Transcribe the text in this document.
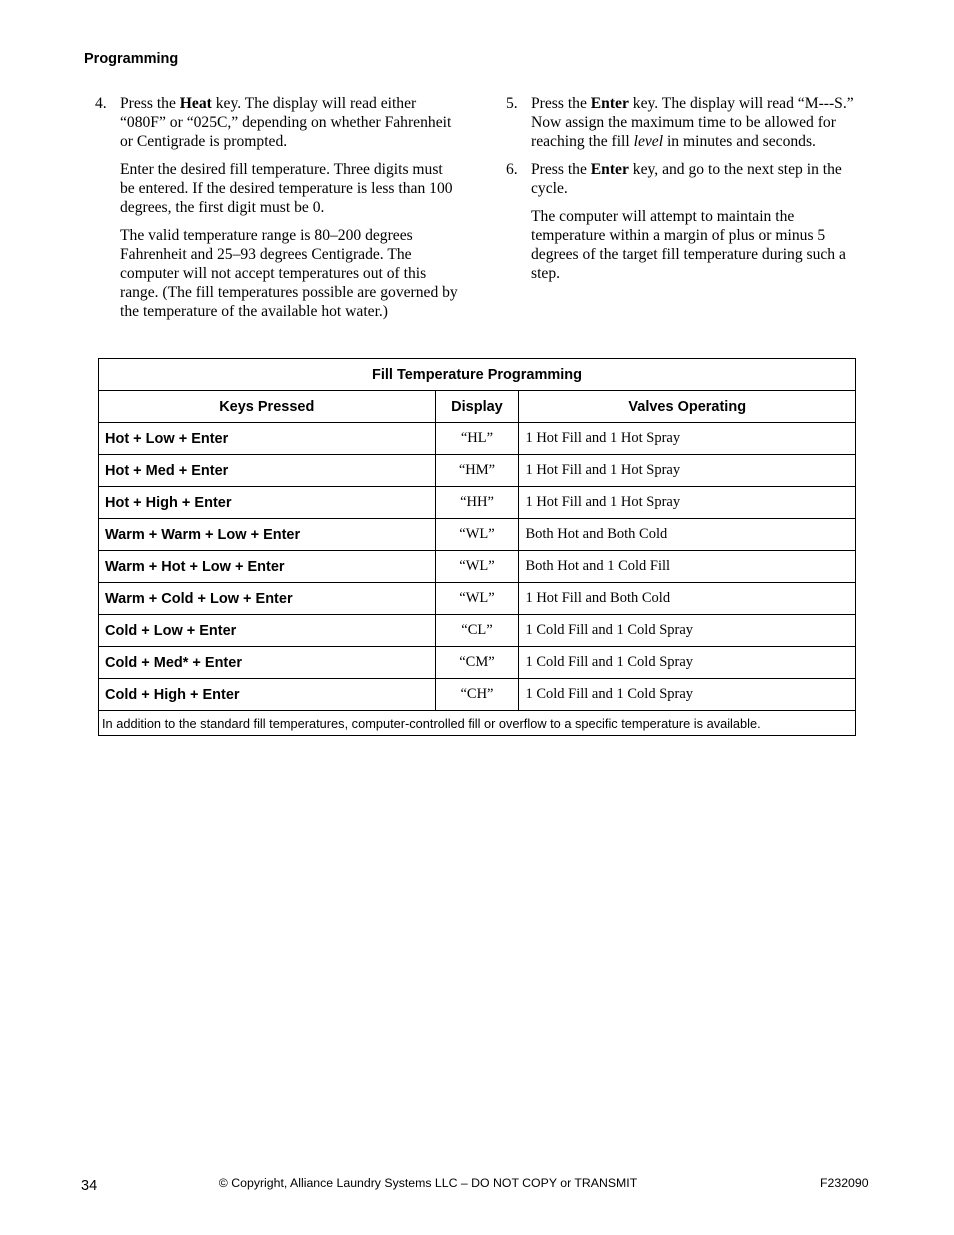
Programming
4. Press the Heat key. The display will read either “080F” or “025C,” depending on whether Fahrenheit or Centigrade is prompted.

Enter the desired fill temperature. Three digits must be entered. If the desired temperature is less than 100 degrees, the first digit must be 0.

The valid temperature range is 80–200 degrees Fahrenheit and 25–93 degrees Centigrade. The computer will not accept temperatures out of this range. (The fill temperatures possible are governed by the temperature of the available hot water.)

5. Press the Enter key. The display will read “M---S.” Now assign the maximum time to be allowed for reaching the fill level in minutes and seconds.
6. Press the Enter key, and go to the next step in the cycle.

The computer will attempt to maintain the temperature within a margin of plus or minus 5 degrees of the target fill temperature during such a step.

Fill Temperature Programming		
Keys Pressed	Display	Valves Operating
Hot + Low + Enter	“HL”	1 Hot Fill and 1 Hot Spray
Hot + Med + Enter	“HM”	1 Hot Fill and 1 Hot Spray
Hot + High + Enter	“HH”	1 Hot Fill and 1 Hot Spray
Warm + Warm + Low + Enter	“WL”	Both Hot and Both Cold
Warm + Hot + Low + Enter	“WL”	Both Hot and 1 Cold Fill
Warm + Cold + Low + Enter	“WL”	1 Hot Fill and Both Cold
Cold + Low + Enter	“CL”	1 Cold Fill and 1 Cold Spray
Cold + Med* + Enter	“CM”	1 Cold Fill and 1 Cold Spray
Cold + High + Enter	“CH”	1 Cold Fill and 1 Cold Spray
In addition to the standard fill temperatures, computer-controlled fill or overflow to a specific temperature is available.		
34	© Copyright, Alliance Laundry Systems LLC – DO NOT COPY or TRANSMIT	F232090
